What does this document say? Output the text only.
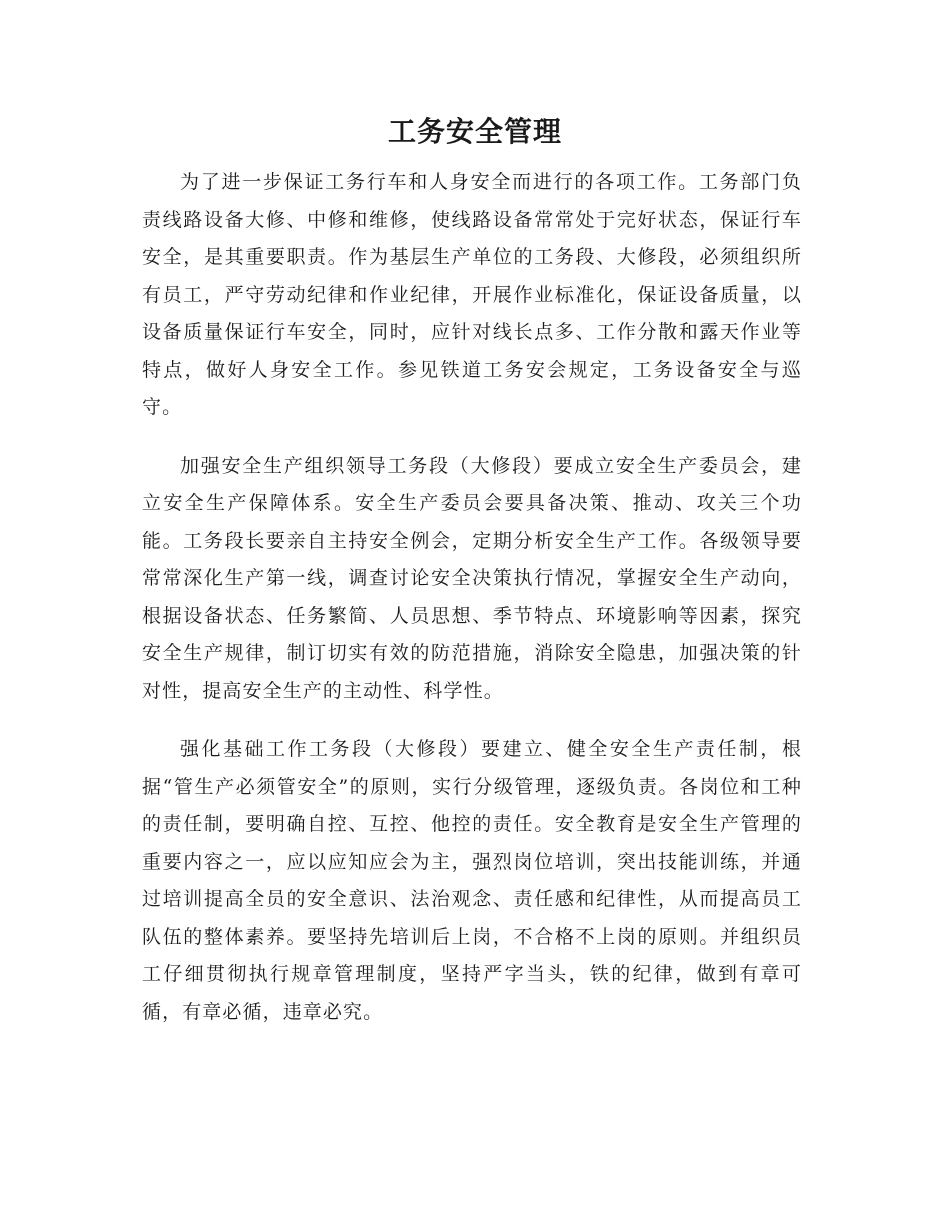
工务安全管理

为了进一步保证工务行车和人身安全而进行的各项工作。工务部门负责线路设备大修、中修和维修，使线路设备常常处于完好状态，保证行车安全，是其重要职责。作为基层生产单位的工务段、大修段，必须组织所有员工，严守劳动纪律和作业纪律，开展作业标准化，保证设备质量，以设备质量保证行车安全，同时，应针对线长点多、工作分散和露天作业等特点，做好人身安全工作。参见铁道工务安会规定，工务设备安全与巡守。

加强安全生产组织领导工务段（大修段）要成立安全生产委员会，建立安全生产保障体系。安全生产委员会要具备决策、推动、攻关三个功能。工务段长要亲自主持安全例会，定期分析安全生产工作。各级领导要常常深化生产第一线，调查讨论安全决策执行情况，掌握安全生产动向，根据设备状态、任务繁简、人员思想、季节特点、环境影响等因素，探究安全生产规律，制订切实有效的防范措施，消除安全隐患，加强决策的针对性，提高安全生产的主动性、科学性。

强化基础工作工务段（大修段）要建立、健全安全生产责任制，根据“管生产必须管安全”的原则，实行分级管理，逐级负责。各岗位和工种的责任制，要明确自控、互控、他控的责任。安全教育是安全生产管理的重要内容之一，应以应知应会为主，强烈岗位培训，突出技能训练，并通过培训提高全员的安全意识、法治观念、责任感和纪律性，从而提高员工队伍的整体素养。要坚持先培训后上岗，不合格不上岗的原则。并组织员工仔细贯彻执行规章管理制度，坚持严字当头，铁的纪律，做到有章可循，有章必循，违章必究。
